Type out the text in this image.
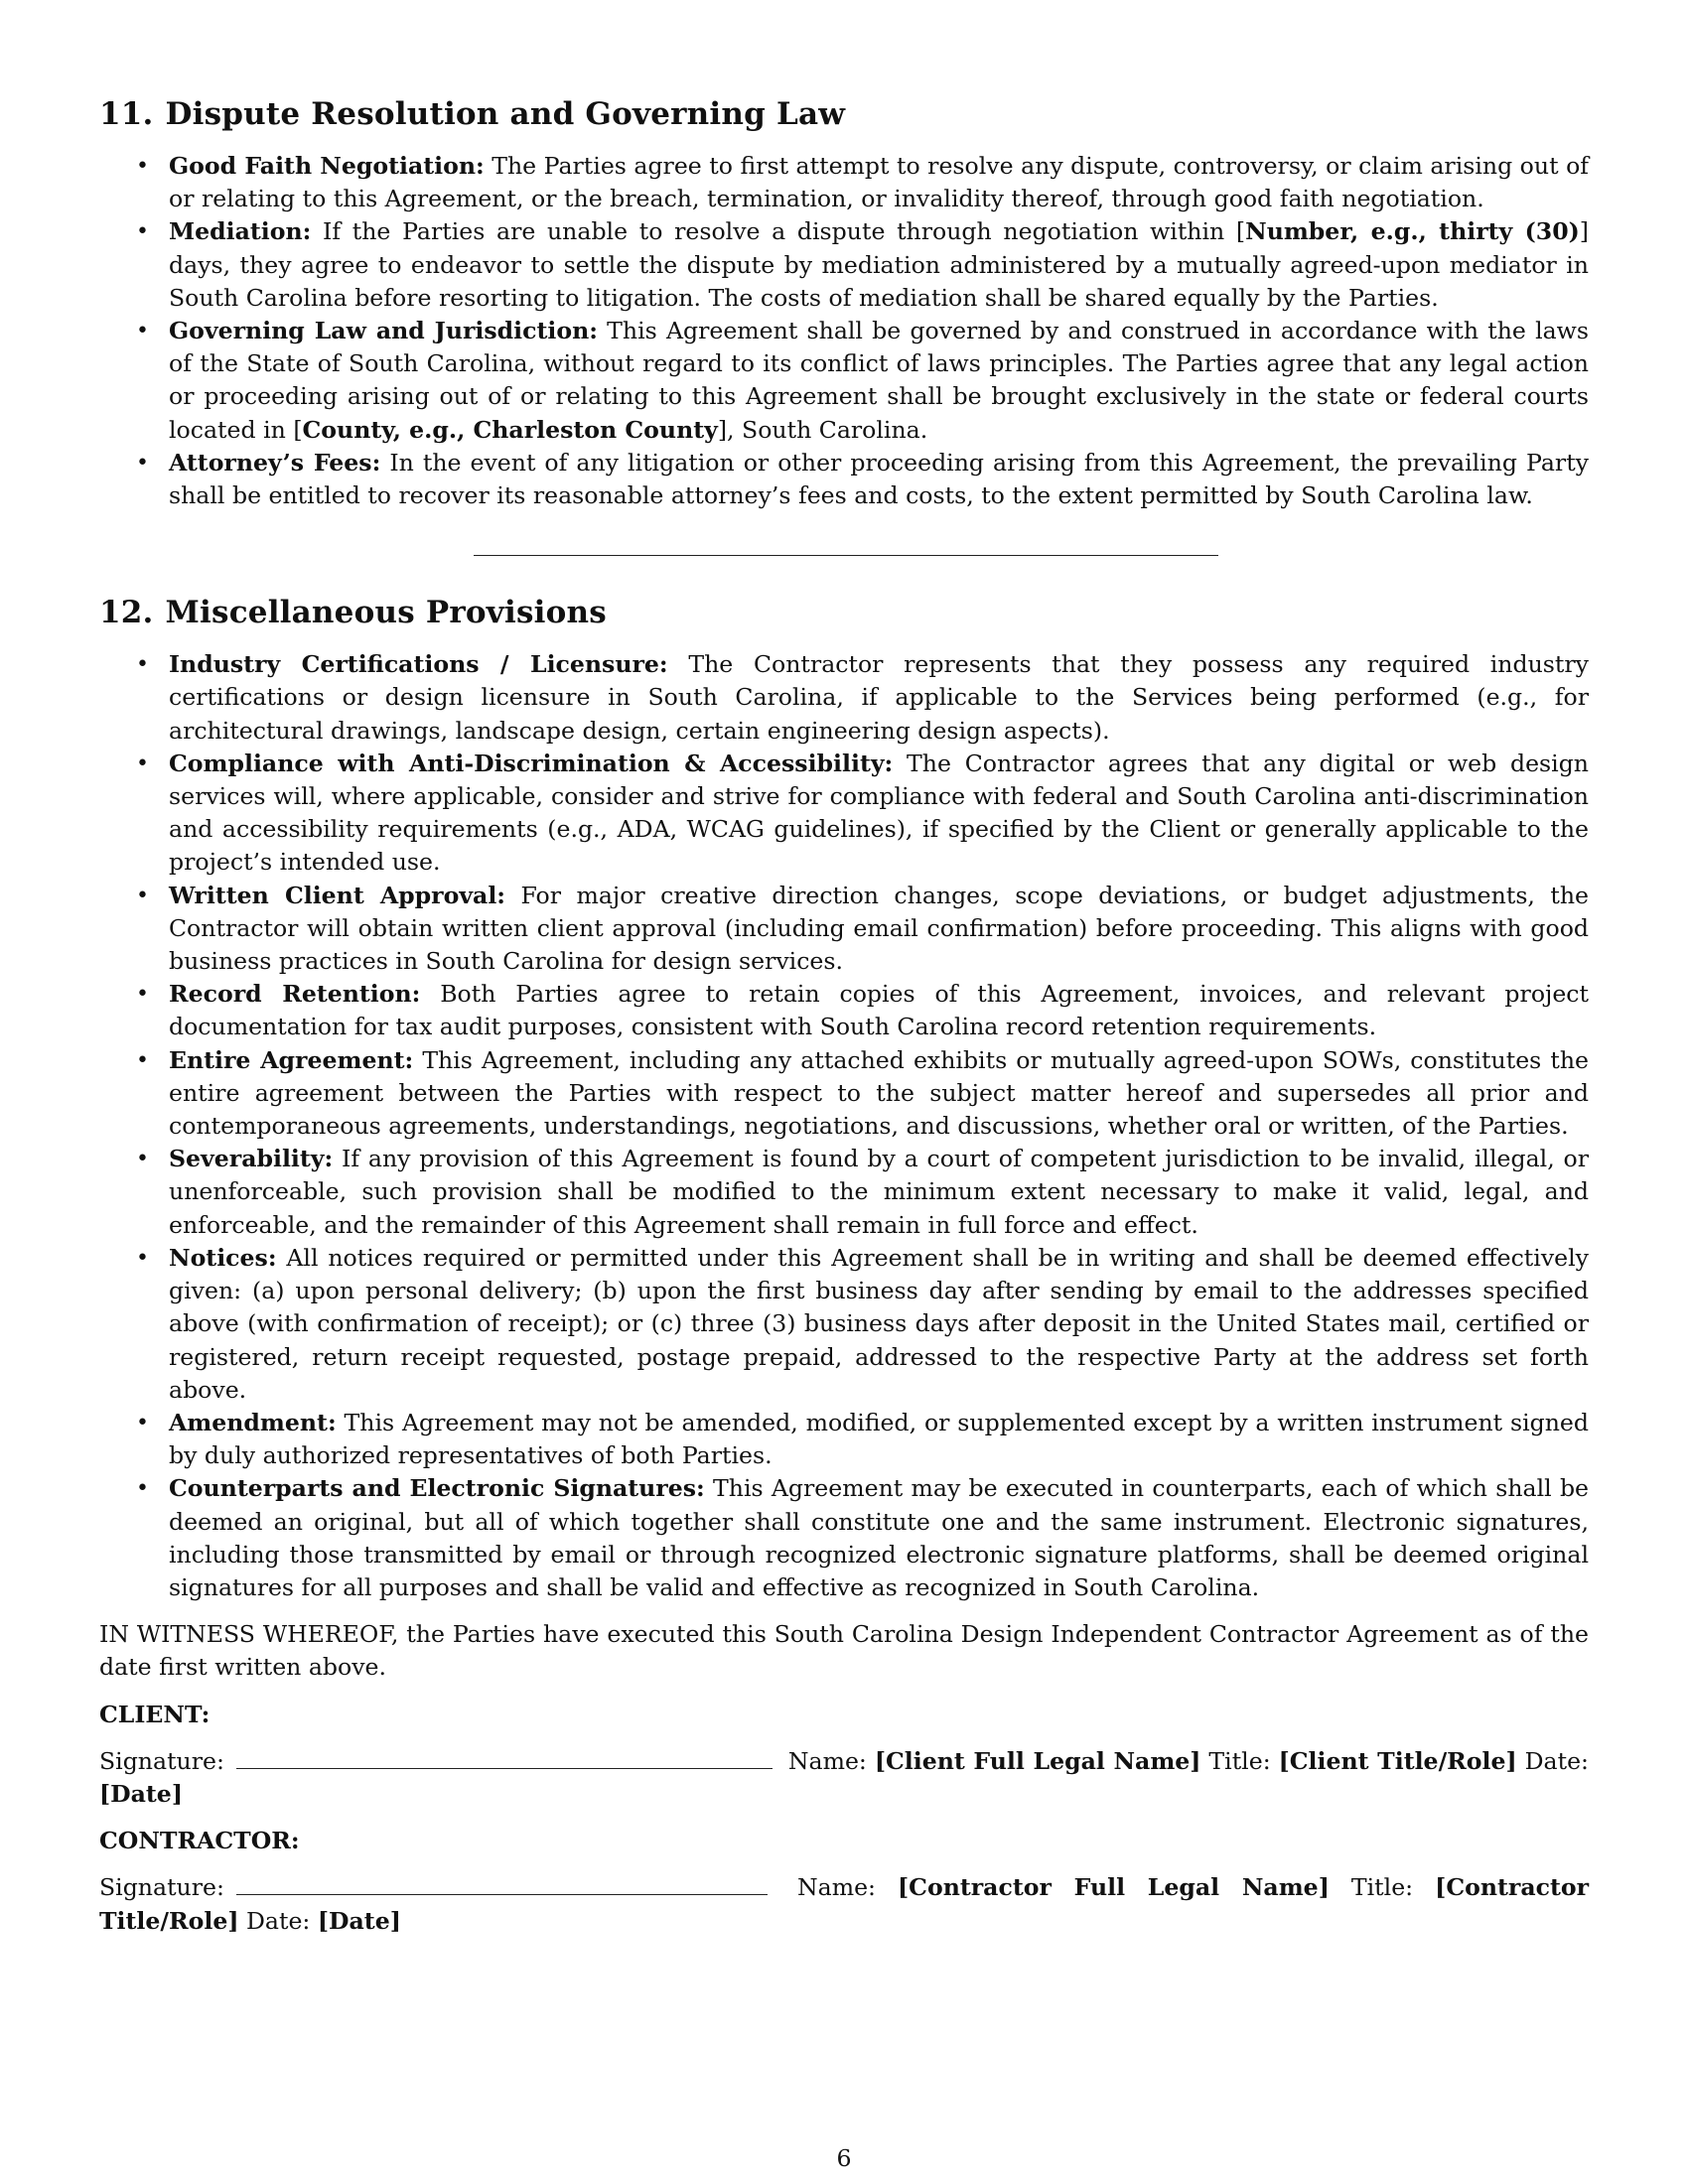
11. Dispute Resolution and Governing Law
• Good Faith Negotiation: The Parties agree to first attempt to resolve any dispute, controversy, or claim arising out of or relating to this Agreement, or the breach, termination, or invalidity thereof, through good faith negotiation.
• Mediation: If the Parties are unable to resolve a dispute through negotiation within [Number, e.g., thirty (30)] days, they agree to endeavor to settle the dispute by mediation administered by a mutually agreed-upon mediator in South Carolina before resorting to litigation. The costs of mediation shall be shared equally by the Parties.
• Governing Law and Jurisdiction: This Agreement shall be governed by and construed in accordance with the laws of the State of South Carolina, without regard to its conflict of laws principles. The Parties agree that any legal action or proceeding arising out of or relating to this Agreement shall be brought exclusively in the state or federal courts located in [County, e.g., Charleston County], South Carolina.
• Attorney’s Fees: In the event of any litigation or other proceeding arising from this Agreement, the prevailing Party shall be entitled to recover its reasonable attorney’s fees and costs, to the extent permitted by South Carolina law.
12. Miscellaneous Provisions
• Industry Certifications / Licensure: The Contractor represents that they possess any required industry certifications or design licensure in South Carolina, if applicable to the Services being performed (e.g., for architectural drawings, landscape design, certain engineering design aspects).
• Compliance with Anti-Discrimination & Accessibility: The Contractor agrees that any digital or web design services will, where applicable, consider and strive for compliance with federal and South Carolina anti-discrimination and accessibility requirements (e.g., ADA, WCAG guidelines), if specified by the Client or generally applicable to the project’s intended use.
• Written Client Approval: For major creative direction changes, scope deviations, or budget adjustments, the Contractor will obtain written client approval (including email confirmation) before proceeding. This aligns with good business practices in South Carolina for design services.
• Record Retention: Both Parties agree to retain copies of this Agreement, invoices, and relevant project documentation for tax audit purposes, consistent with South Carolina record retention requirements.
• Entire Agreement: This Agreement, including any attached exhibits or mutually agreed-upon SOWs, constitutes the entire agreement between the Parties with respect to the subject matter hereof and supersedes all prior and contemporaneous agreements, understandings, negotiations, and discussions, whether oral or written, of the Parties.
• Severability: If any provision of this Agreement is found by a court of competent jurisdiction to be invalid, illegal, or unenforceable, such provision shall be modified to the minimum extent necessary to make it valid, legal, and enforceable, and the remainder of this Agreement shall remain in full force and effect.
• Notices: All notices required or permitted under this Agreement shall be in writing and shall be deemed effectively given: (a) upon personal delivery; (b) upon the first business day after sending by email to the addresses specified above (with confirmation of receipt); or (c) three (3) business days after deposit in the United States mail, certified or registered, return receipt requested, postage prepaid, addressed to the respective Party at the address set forth above.
• Amendment: This Agreement may not be amended, modified, or supplemented except by a written instrument signed by duly authorized representatives of both Parties.
• Counterparts and Electronic Signatures: This Agreement may be executed in counterparts, each of which shall be deemed an original, but all of which together shall constitute one and the same instrument. Electronic signatures, including those transmitted by email or through recognized electronic signature platforms, shall be deemed original signatures for all purposes and shall be valid and effective as recognized in South Carolina.

IN WITNESS WHEREOF, the Parties have executed this South Carolina Design Independent Contractor Agreement as of the date first written above.

CLIENT:
Signature:	Name: [Client Full Legal Name] Title: [Client Title/Role] Date: [Date]
CONTRACTOR:
Signature:	Name: [Contractor Full Legal Name] Title: [Contractor Title/Role] Date: [Date]
6
